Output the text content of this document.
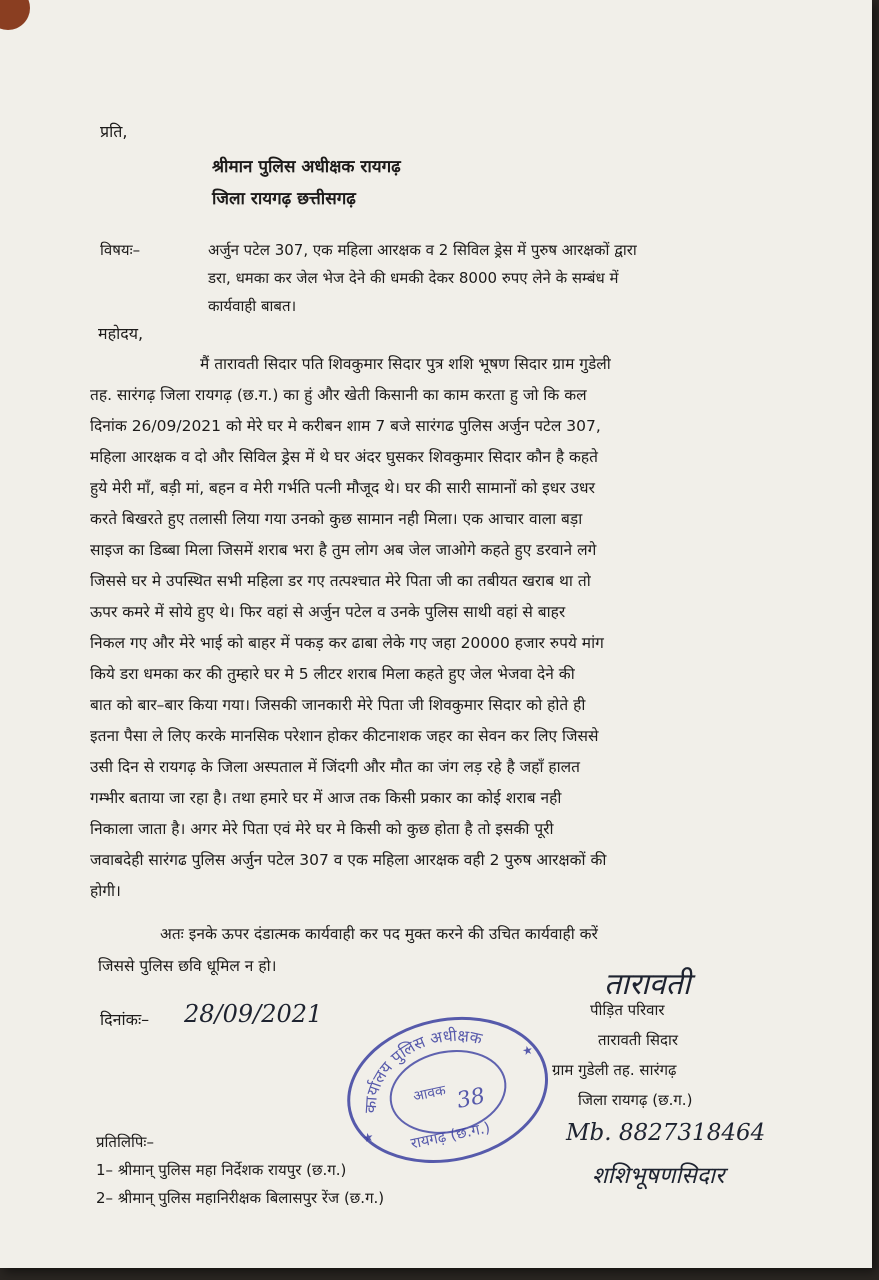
प्रति,
श्रीमान पुलिस अधीक्षक रायगढ़
जिला रायगढ़ छत्तीसगढ़
विषयः–	अर्जुन पटेल 307, एक महिला आरक्षक व 2 सिविल ड्रेस में पुरुष आरक्षकों द्वारा
डरा, धमका कर जेल भेज देने की धमकी देकर 8000 रुपए लेने के सम्बंध में
कार्यवाही बाबत।
महोदय,
मैं तारावती सिदार पति शिवकुमार सिदार पुत्र शशि भूषण सिदार ग्राम गुडेली
तह. सारंगढ़ जिला रायगढ़ (छ.ग.) का हुं और खेती किसानी का काम करता हु जो कि कल
दिनांक 26/09/2021 को मेरे घर मे करीबन शाम 7 बजे सारंगढ पुलिस अर्जुन पटेल 307,
महिला आरक्षक व दो और सिविल ड्रेस में थे घर अंदर घुसकर शिवकुमार सिदार कौन है कहते
हुये मेरी माँ, बड़ी मां, बहन व मेरी गर्भति पत्नी मौजूद थे। घर की सारी सामानों को इधर उधर
करते बिखरते हुए तलासी लिया गया उनको कुछ सामान नही मिला। एक आचार वाला बड़ा
साइज का डिब्बा मिला जिसमें शराब भरा है तुम लोग अब जेल जाओगे कहते हुए डरवाने लगे
जिससे घर मे उपस्थित सभी महिला डर गए तत्पश्चात मेरे पिता जी का तबीयत खराब था तो
ऊपर कमरे में सोये हुए थे। फिर वहां से अर्जुन पटेल व उनके पुलिस साथी वहां से बाहर
निकल गए और मेरे भाई को बाहर में पकड़ कर ढाबा लेके गए जहा 20000 हजार रुपये मांग
किये डरा धमका कर की तुम्हारे घर मे 5 लीटर शराब मिला कहते हुए जेल भेजवा देने की
बात को बार–बार किया गया। जिसकी जानकारी मेरे पिता जी शिवकुमार सिदार को होते ही
इतना पैसा ले लिए करके मानसिक परेशान होकर कीटनाशक जहर का सेवन कर लिए जिससे
उसी दिन से रायगढ़ के जिला अस्पताल में जिंदगी और मौत का जंग लड़ रहे है जहाँ हालत
गम्भीर बताया जा रहा है। तथा हमारे घर में आज तक किसी प्रकार का कोई शराब नही
निकाला जाता है। अगर मेरे पिता एवं मेरे घर मे किसी को कुछ होता है तो इसकी पूरी
जवाबदेही सारंगढ पुलिस अर्जुन पटेल 307 व एक महिला आरक्षक वही 2 पुरुष आरक्षकों की
होगी।
अतः इनके ऊपर दंडात्मक कार्यवाही कर पद मुक्त करने की उचित कार्यवाही करें
जिससे पुलिस छवि धूमिल न हो।
तारावती
दिनांकः– 28/09/2021	पीड़ित परिवार
तारावती सिदार
ग्राम गुडेली तह. सारंगढ़
जिला रायगढ़ (छ.ग.)
Mb. 8827318464
शशिभूषणसिदार
प्रतिलिपिः–
1– श्रीमान् पुलिस महा निर्देशक रायपुर (छ.ग.)
2– श्रीमान् पुलिस महानिरीक्षक बिलासपुर रेंज (छ.ग.)
कार्यालय पुलिस अधीक्षक
आवक 38
रायगढ़ (छ.ग.)
★
★
